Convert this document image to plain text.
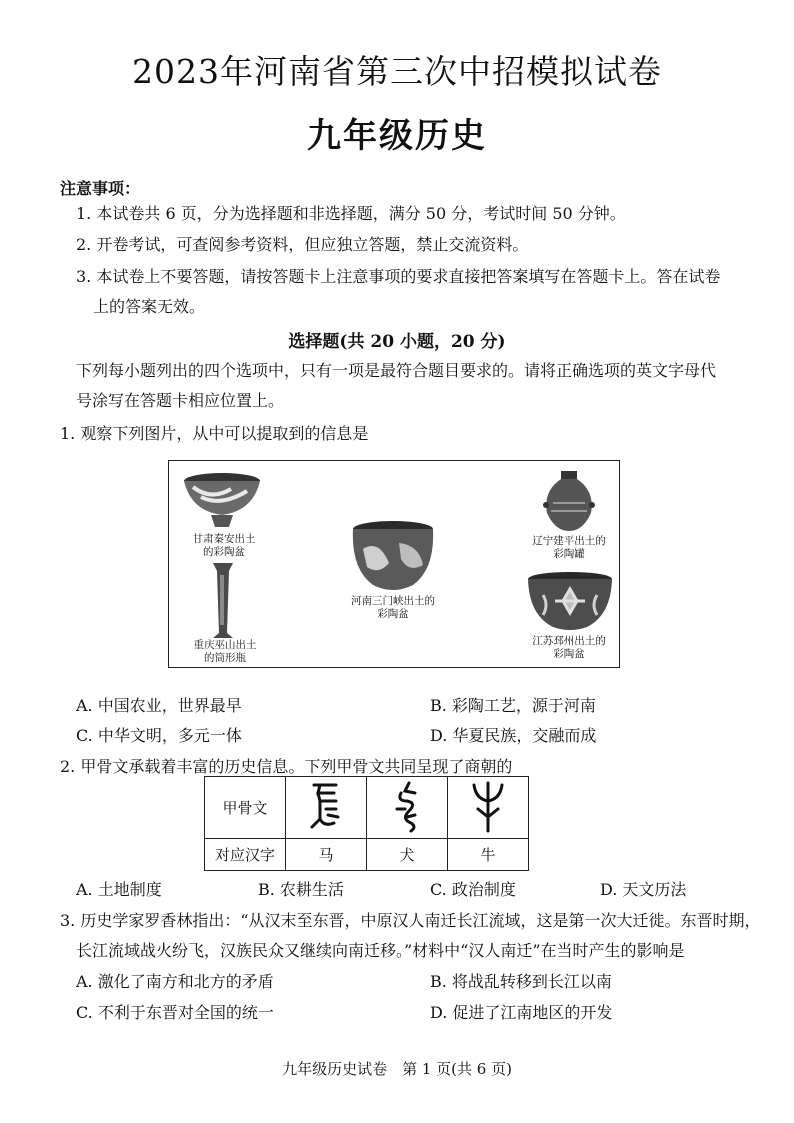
2023年河南省第三次中招模拟试卷
九年级历史
注意事项：
1. 本试卷共 6 页，分为选择题和非选择题，满分 50 分，考试时间 50 分钟。
2. 开卷考试，可查阅参考资料，但应独立答题，禁止交流资料。
3. 本试卷上不要答题，请按答题卡上注意事项的要求直接把答案填写在答题卡上。答在试卷
上的答案无效。
选择题(共 20 小题，20 分)
下列每小题列出的四个选项中，只有一项是最符合题目要求的。请将正确选项的英文字母代
号涂写在答题卡相应位置上。
1. 观察下列图片，从中可以提取到的信息是
甘肃秦安出土
的彩陶盆
重庆巫山出土
的筒形瓶
河南三门峡出土的
彩陶盆
辽宁建平出土的
彩陶罐
江苏邳州出土的
彩陶盆
A. 中国农业，世界最早	B. 彩陶工艺，源于河南
C. 中华文明，多元一体	D. 华夏民族，交融而成
2. 甲骨文承载着丰富的历史信息。下列甲骨文共同呈现了商朝的
甲骨文			
对应汉字	马	犬	牛
A. 土地制度	B. 农耕生活	C. 政治制度	D. 天文历法
3. 历史学家罗香林指出：“从汉末至东晋，中原汉人南迁长江流域，这是第一次大迁徙。东晋时期，
长江流域战火纷飞，汉族民众又继续向南迁移。”材料中“汉人南迁”在当时产生的影响是
A. 激化了南方和北方的矛盾	B. 将战乱转移到长江以南
C. 不利于东晋对全国的统一	D. 促进了江南地区的开发
九年级历史试卷　第 1 页(共 6 页)
